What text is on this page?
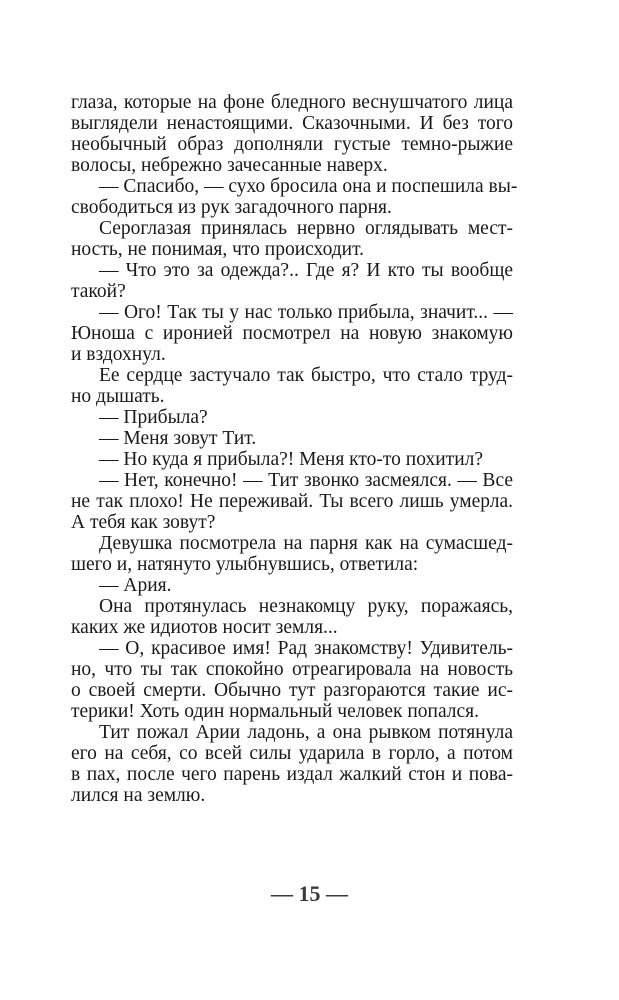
глаза, которые на фоне бледного веснушчатого лица
выглядели ненастоящими. Сказочными. И без того
необычный образ дополняли густые темно-рыжие
волосы, небрежно зачесанные наверх.
— Спасибо, — сухо бросила она и поспешила вы-
свободиться из рук загадочного парня.
Сероглазая принялась нервно оглядывать мест-
ность, не понимая, что происходит.
— Что это за одежда?.. Где я? И кто ты вообще
такой?
— Ого! Так ты у нас только прибыла, значит... —
Юноша с иронией посмотрел на новую знакомую
и вздохнул.
Ее сердце застучало так быстро, что стало труд-
но дышать.
— Прибыла?
— Меня зовут Тит.
— Но куда я прибыла?! Меня кто-то похитил?
— Нет, конечно! — Тит звонко засмеялся. — Все
не так плохо! Не переживай. Ты всего лишь умерла.
А тебя как зовут?
Девушка посмотрела на парня как на сумасшед-
шего и, натянуто улыбнувшись, ответила:
— Ария.
Она протянулась незнакомцу руку, поражаясь,
каких же идиотов носит земля...
— О, красивое имя! Рад знакомству! Удивитель-
но, что ты так спокойно отреагировала на новость
о своей смерти. Обычно тут разгораются такие ис-
терики! Хоть один нормальный человек попался.
Тит пожал Арии ладонь, а она рывком потянула
его на себя, со всей силы ударила в горло, а потом
в пах, после чего парень издал жалкий стон и пова-
лился на землю.
— 15 —
